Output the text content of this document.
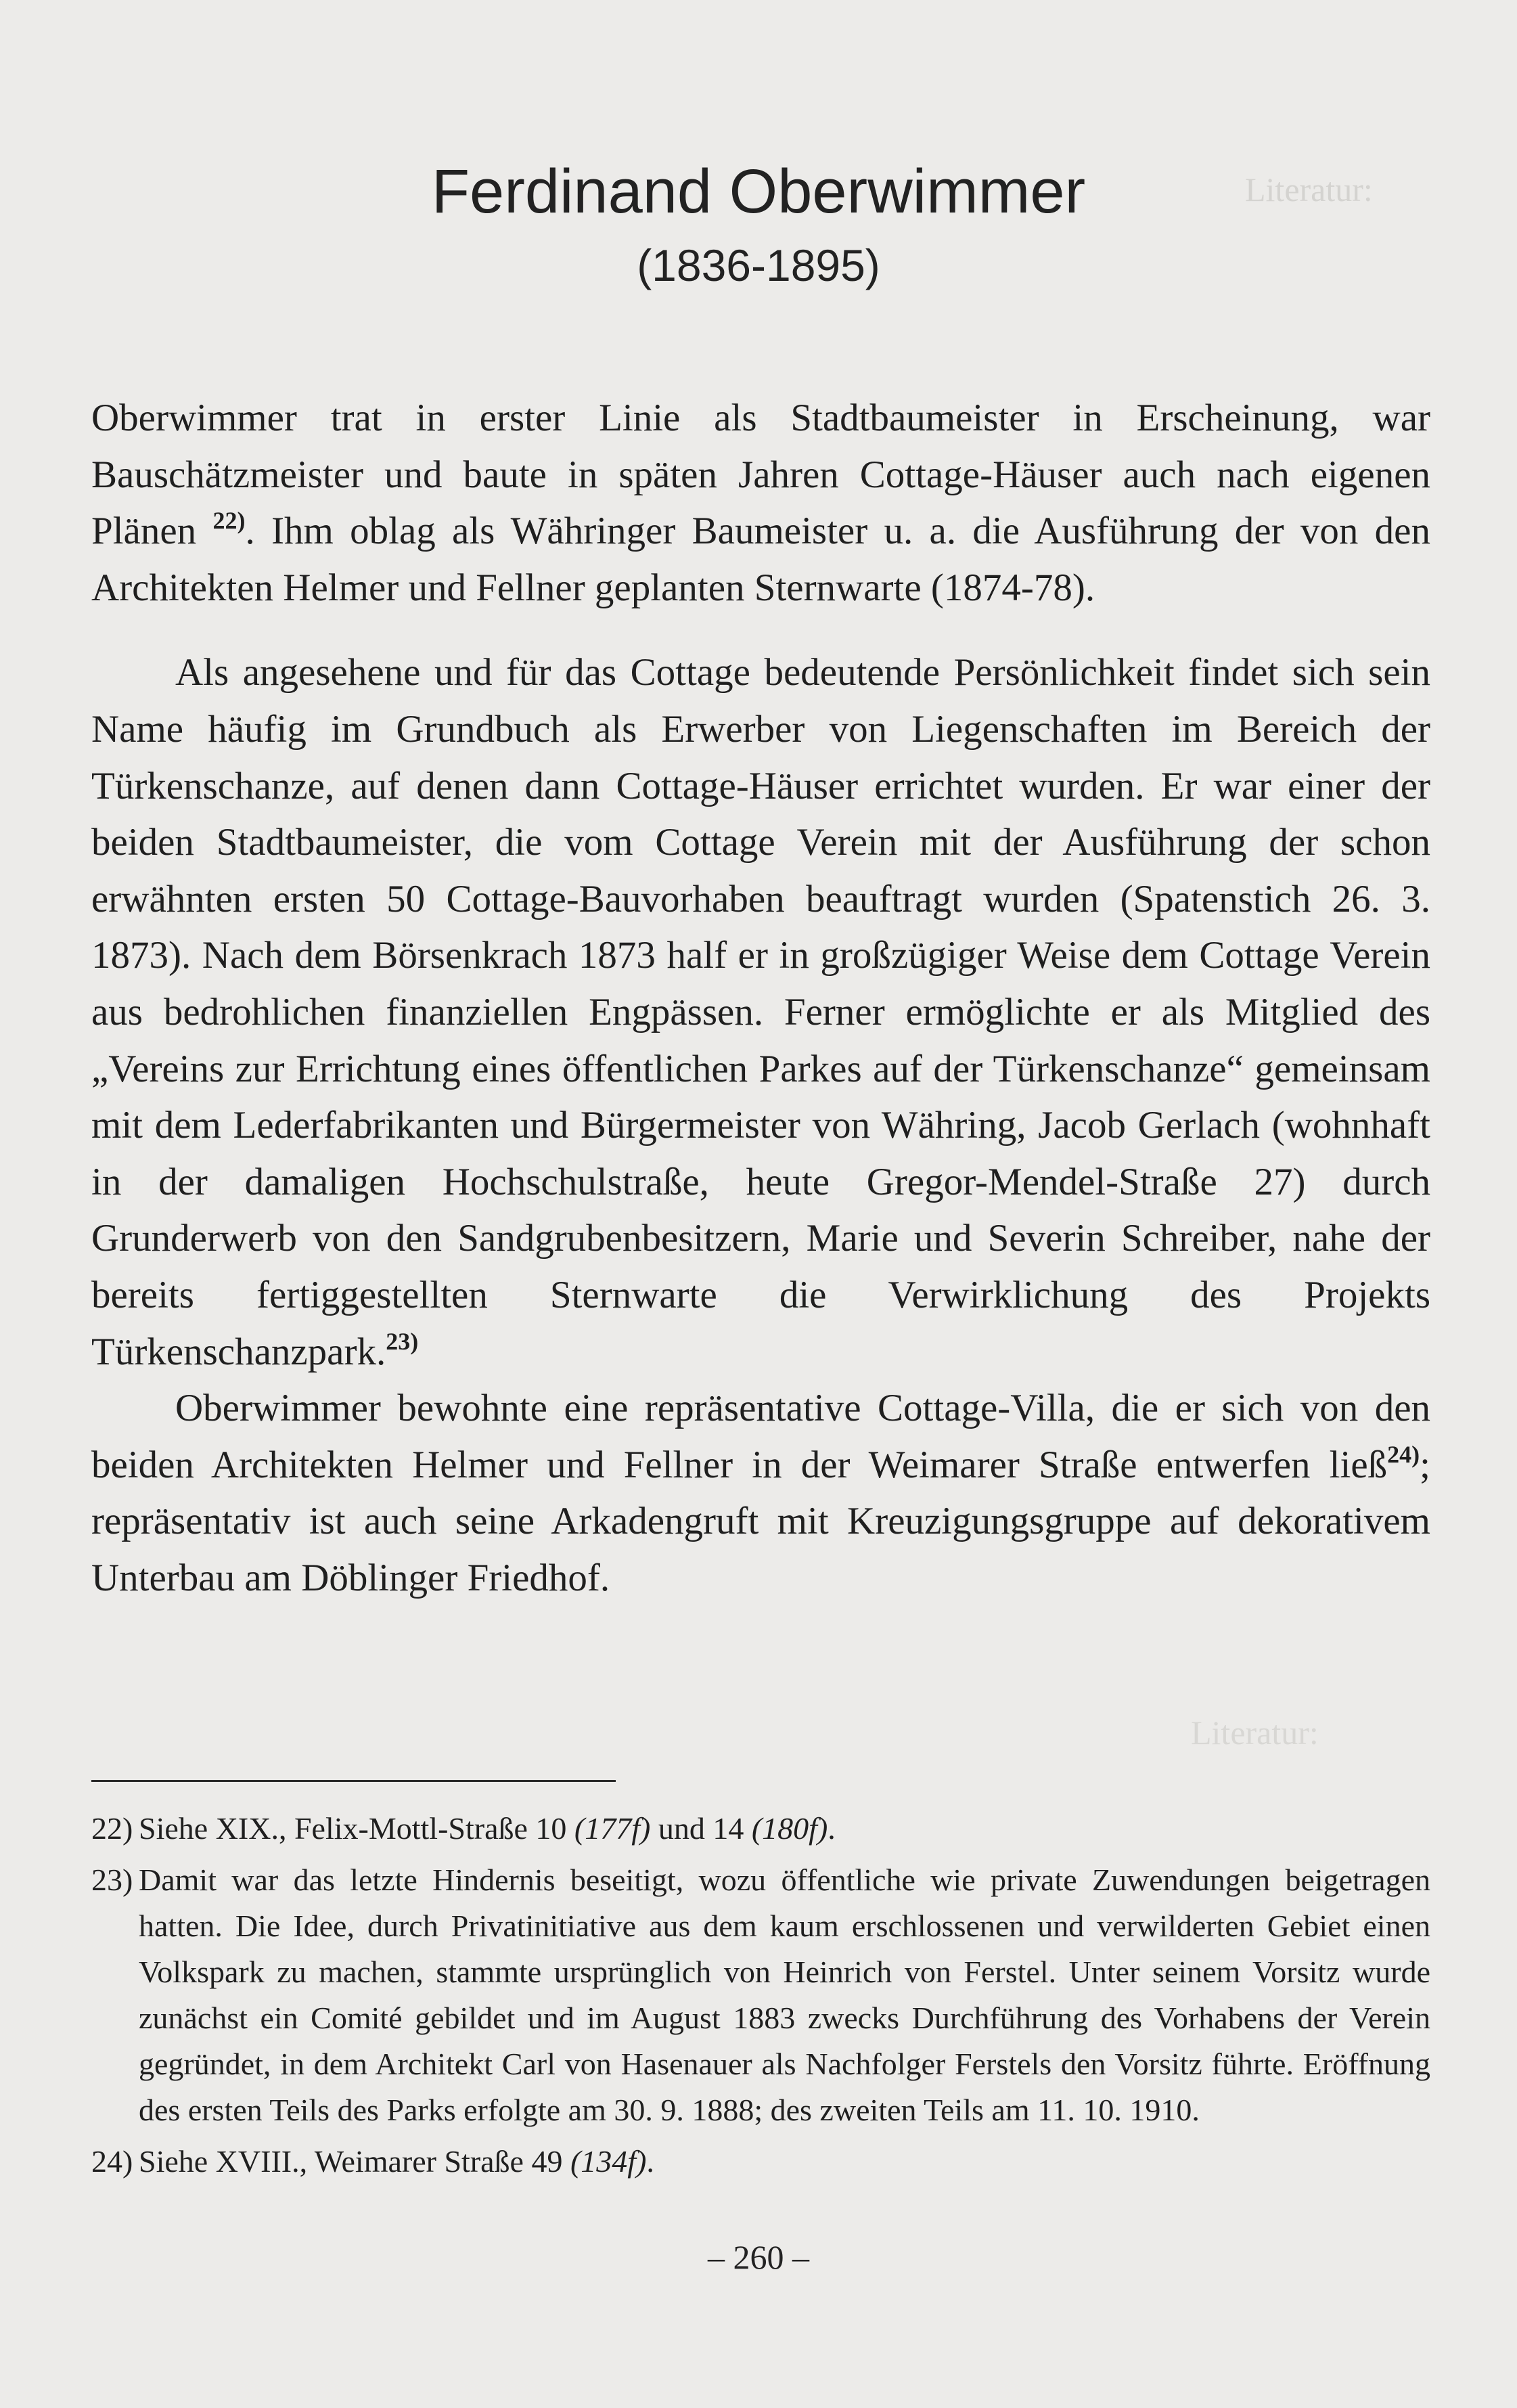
Literatur:
Literatur:
Ferdinand Oberwimmer
(1836-1895)

Oberwimmer trat in erster Linie als Stadtbaumeister in Erscheinung, war Bauschätzmeister und baute in späten Jahren Cottage-Häuser auch nach eigenen Plänen $^{22)}$. Ihm oblag als Währinger Baumeister u. a. die Ausführung der von den Architekten Helmer und Fellner geplanten Sternwarte (1874-78).

Als angesehene und für das Cottage bedeutende Persönlichkeit findet sich sein Name häufig im Grundbuch als Erwerber von Liegenschaften im Bereich der Türkenschanze, auf denen dann Cottage-Häuser errichtet wurden. Er war einer der beiden Stadtbaumeister, die vom Cottage Verein mit der Ausführung der schon erwähnten ersten 50 Cottage-Bauvorhaben beauftragt wurden (Spatenstich 26. 3. 1873). Nach dem Börsenkrach 1873 half er in großzügiger Weise dem Cottage Verein aus bedrohlichen finanziellen Engpässen. Ferner ermöglichte er als Mitglied des „Vereins zur Errichtung eines öffentlichen Parkes auf der Türkenschanze“ gemeinsam mit dem Lederfabrikanten und Bürgermeister von Währing, Jacob Gerlach (wohnhaft in der damaligen Hochschulstraße, heute Gregor-Mendel-Straße 27) durch Grunderwerb von den Sandgrubenbesitzern, Marie und Severin Schreiber, nahe der bereits fertiggestellten Sternwarte die Verwirklichung des Projekts Türkenschanzpark.$^{23)}$

Oberwimmer bewohnte eine repräsentative Cottage-Villa, die er sich von den beiden Architekten Helmer und Fellner in der Weimarer Straße entwerfen ließ$^{24)}$; repräsentativ ist auch seine Arkadengruft mit Kreuzigungsgruppe auf dekorativem Unterbau am Döblinger Friedhof.

22) Siehe XIX., Felix-Mottl-Straße 10 (177f) und 14 (180f).
23) Damit war das letzte Hindernis beseitigt, wozu öffentliche wie private Zuwendungen beigetragen hatten. Die Idee, durch Privatinitiative aus dem kaum erschlossenen und verwilderten Gebiet einen Volkspark zu machen, stammte ursprünglich von Heinrich von Ferstel. Unter seinem Vorsitz wurde zunächst ein Comité gebildet und im August 1883 zwecks Durchführung des Vorhabens der Verein gegründet, in dem Architekt Carl von Hasenauer als Nachfolger Ferstels den Vorsitz führte. Eröffnung des ersten Teils des Parks erfolgte am 30. 9. 1888; des zweiten Teils am 11. 10. 1910.
24) Siehe XVIII., Weimarer Straße 49 (134f).
– 260 –
